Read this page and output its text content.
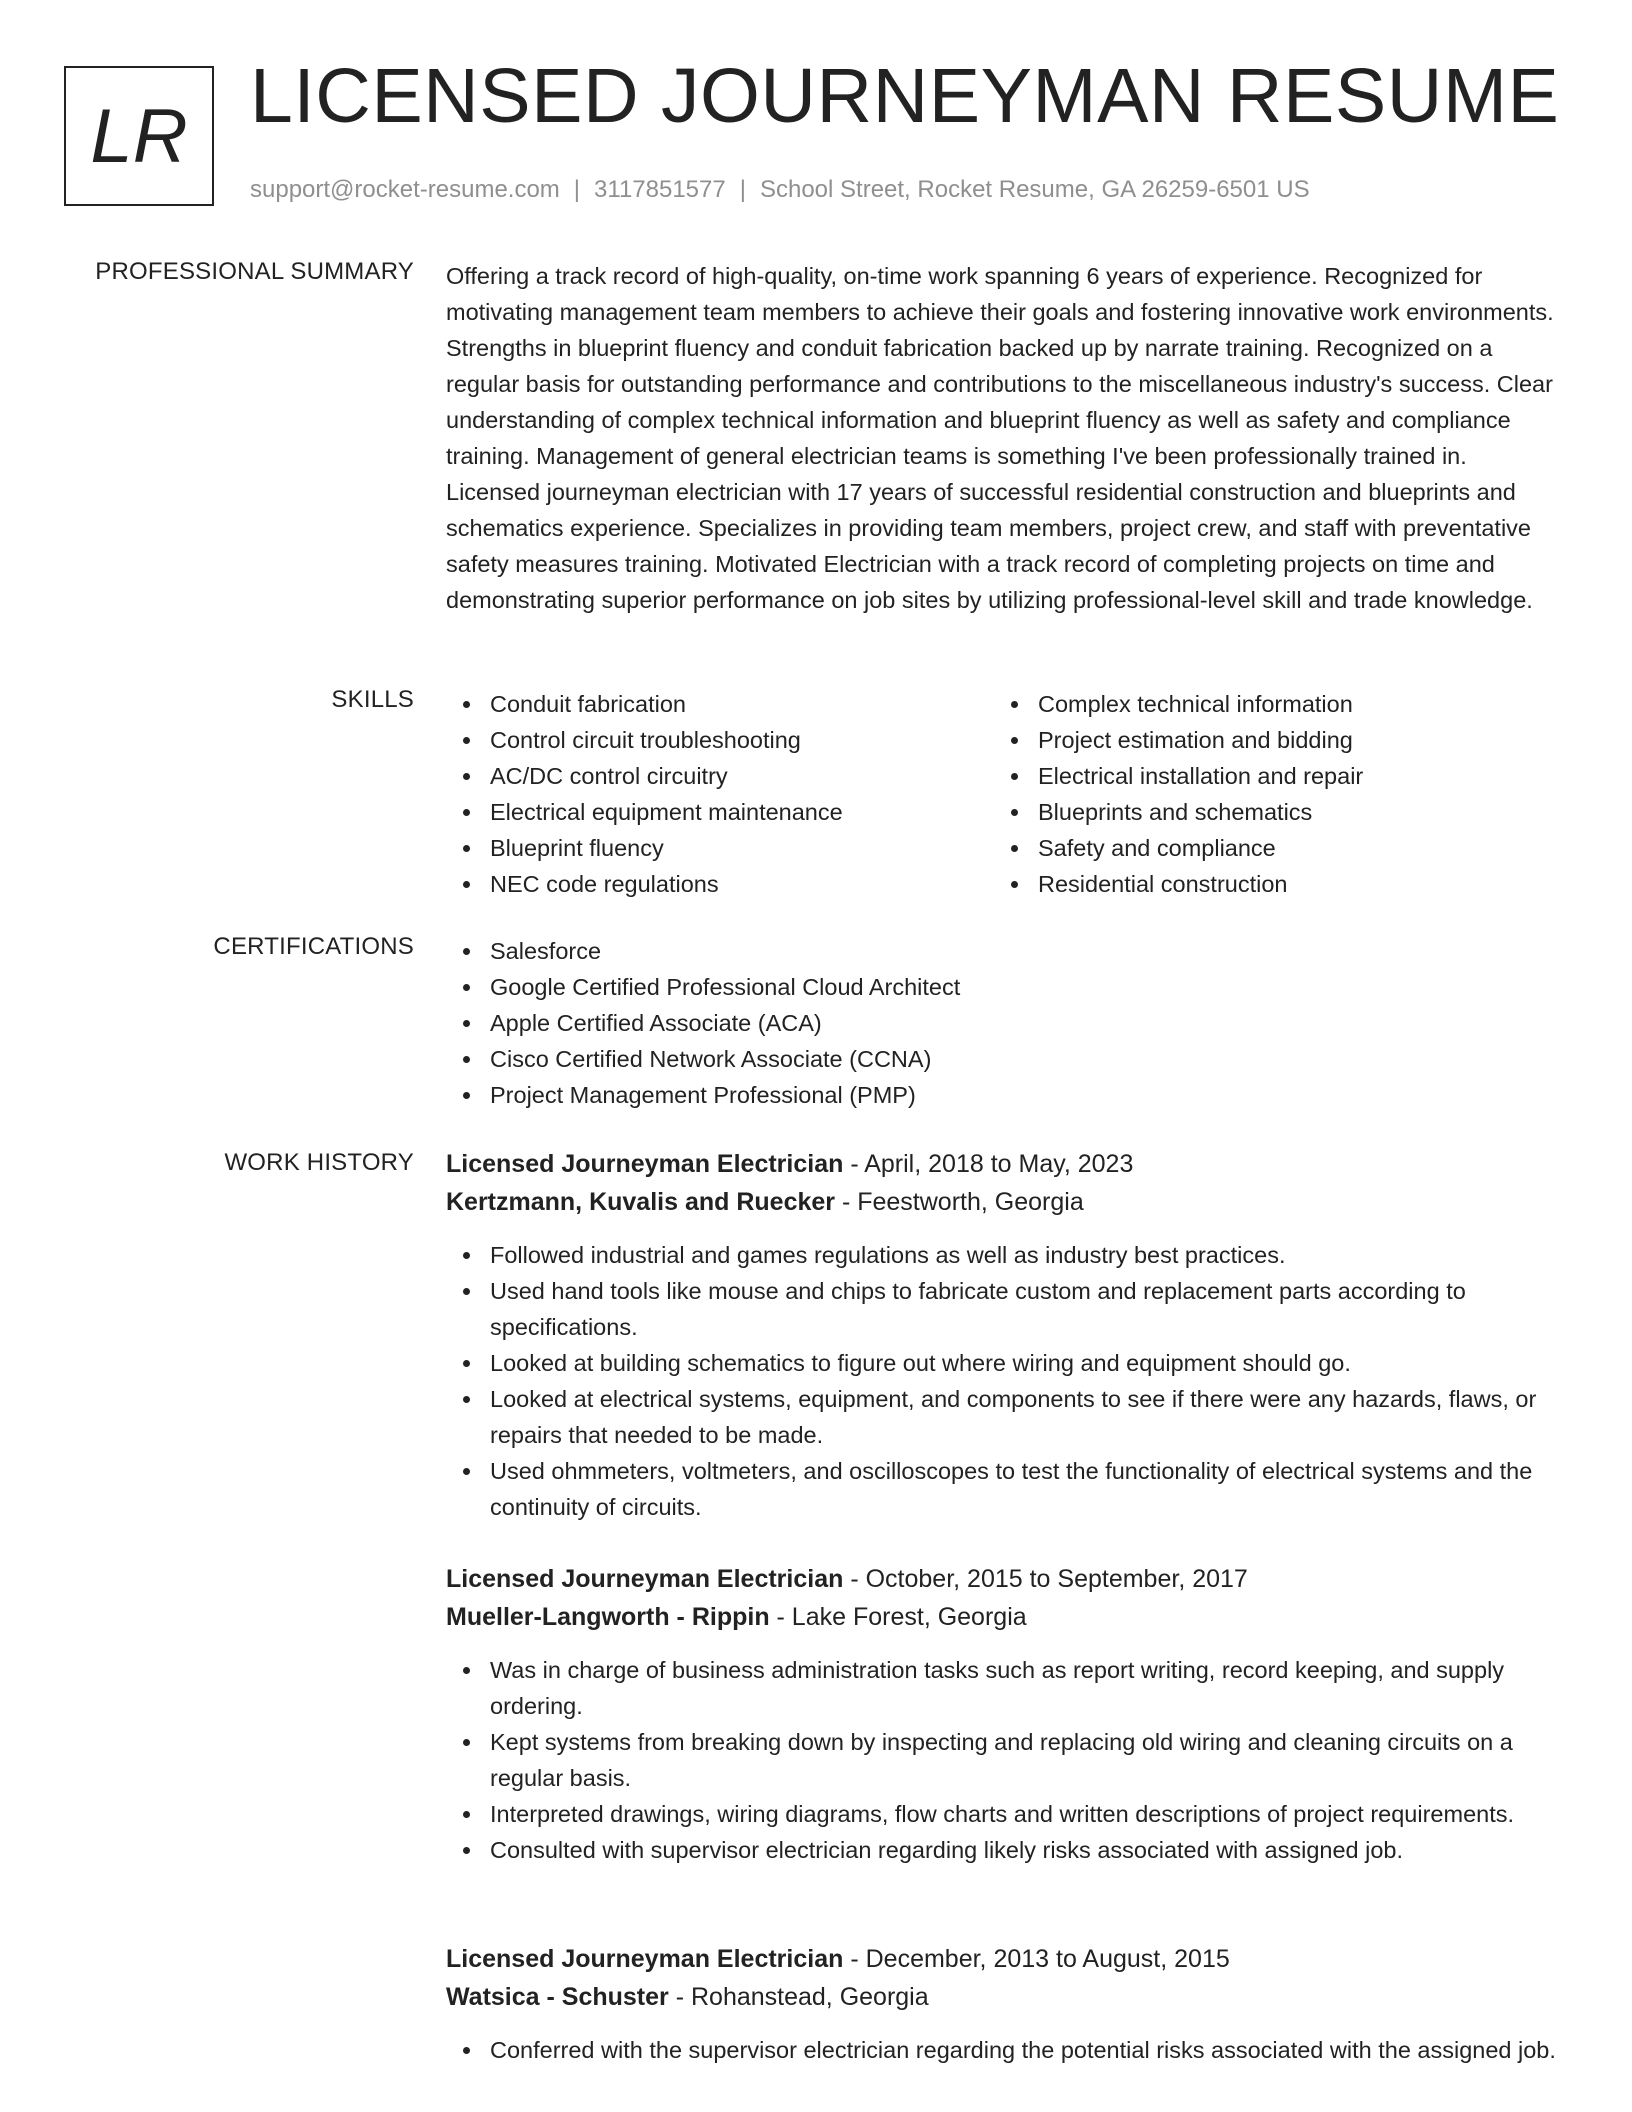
LR LICENSED JOURNEYMAN RESUME
support@rocket-resume.com | 3117851577 | School Street, Rocket Resume, GA 26259-6501 US
PROFESSIONAL SUMMARY Offering a track record of high-quality, on-time work spanning 6 years of experience. Recognized for motivating management team members to achieve their goals and fostering innovative work environments. Strengths in blueprint fluency and conduit fabrication backed up by narrate training. Recognized on a regular basis for outstanding performance and contributions to the miscellaneous industry's success. Clear understanding of complex technical information and blueprint fluency as well as safety and compliance training. Management of general electrician teams is something I've been professionally trained in. Licensed journeyman electrician with 17 years of successful residential construction and blueprints and schematics experience. Specializes in providing team members, project crew, and staff with preventative safety measures training. Motivated Electrician with a track record of completing projects on time and demonstrating superior performance on job sites by utilizing professional-level skill and trade knowledge.
SKILLS	Conduit fabrication
Control circuit troubleshooting
AC/DC control circuitry
Electrical equipment maintenance
Blueprint fluency
NEC code regulations
Complex technical information
Project estimation and bidding
Electrical installation and repair
Blueprints and schematics
Safety and compliance
Residential construction
CERTIFICATIONS	Salesforce
Google Certified Professional Cloud Architect
Apple Certified Associate (ACA)
Cisco Certified Network Associate (CCNA)
Project Management Professional (PMP)
WORK HISTORY Licensed Journeyman Electrician - April, 2018 to May, 2023
Kertzmann, Kuvalis and Ruecker - Feestworth, Georgia
Followed industrial and games regulations as well as industry best practices.
Used hand tools like mouse and chips to fabricate custom and replacement parts according to specifications.
Looked at building schematics to figure out where wiring and equipment should go.
Looked at electrical systems, equipment, and components to see if there were any hazards, flaws, or repairs that needed to be made.
Used ohmmeters, voltmeters, and oscilloscopes to test the functionality of electrical systems and the continuity of circuits.
Licensed Journeyman Electrician - October, 2015 to September, 2017
Mueller-Langworth - Rippin - Lake Forest, Georgia
Was in charge of business administration tasks such as report writing, record keeping, and supply ordering.
Kept systems from breaking down by inspecting and replacing old wiring and cleaning circuits on a regular basis.
Interpreted drawings, wiring diagrams, flow charts and written descriptions of project requirements.
Consulted with supervisor electrician regarding likely risks associated with assigned job.
Licensed Journeyman Electrician - December, 2013 to August, 2015
Watsica - Schuster - Rohanstead, Georgia
Conferred with the supervisor electrician regarding the potential risks associated with the assigned job.
